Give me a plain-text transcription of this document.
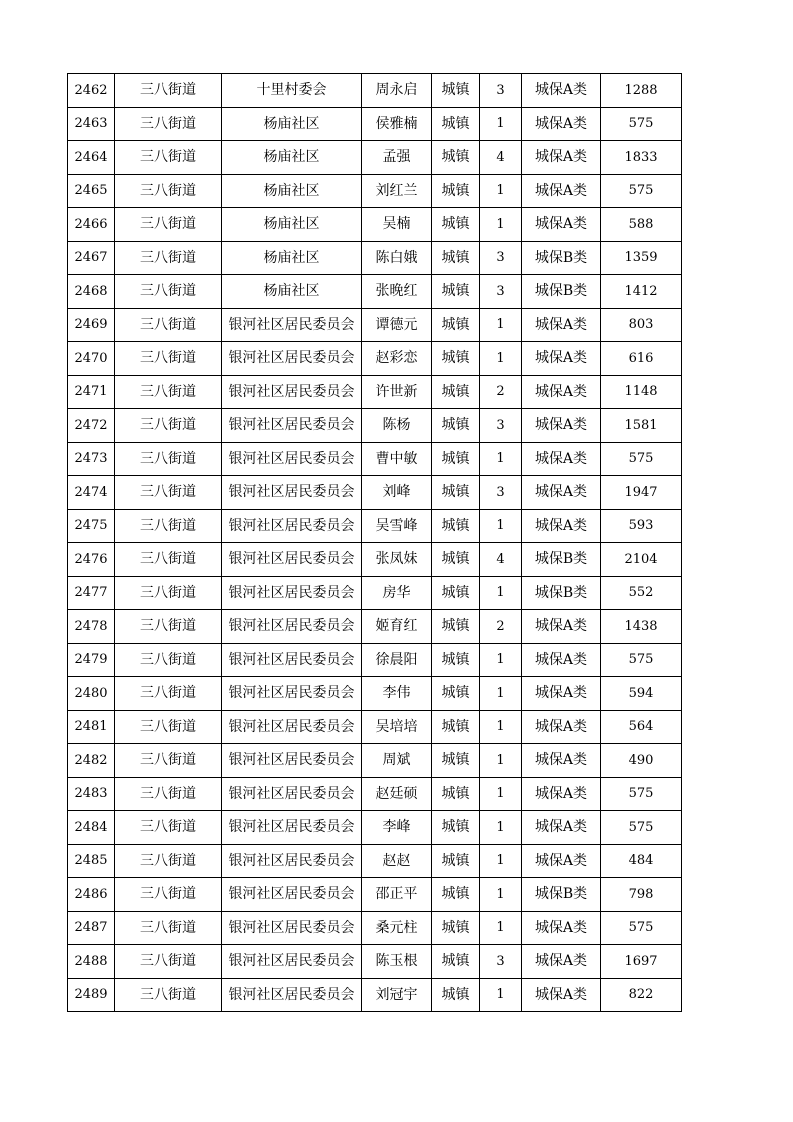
2462	三八街道	十里村委会	周永启	城镇	3	城保A类	1288
2463	三八街道	杨庙社区	侯雅楠	城镇	1	城保A类	575
2464	三八街道	杨庙社区	孟强	城镇	4	城保A类	1833
2465	三八街道	杨庙社区	刘红兰	城镇	1	城保A类	575
2466	三八街道	杨庙社区	吴楠	城镇	1	城保A类	588
2467	三八街道	杨庙社区	陈白娥	城镇	3	城保B类	1359
2468	三八街道	杨庙社区	张晚红	城镇	3	城保B类	1412
2469	三八街道	银河社区居民委员会	谭德元	城镇	1	城保A类	803
2470	三八街道	银河社区居民委员会	赵彩恋	城镇	1	城保A类	616
2471	三八街道	银河社区居民委员会	许世新	城镇	2	城保A类	1148
2472	三八街道	银河社区居民委员会	陈杨	城镇	3	城保A类	1581
2473	三八街道	银河社区居民委员会	曹中敏	城镇	1	城保A类	575
2474	三八街道	银河社区居民委员会	刘峰	城镇	3	城保A类	1947
2475	三八街道	银河社区居民委员会	吴雪峰	城镇	1	城保A类	593
2476	三八街道	银河社区居民委员会	张凤妹	城镇	4	城保B类	2104
2477	三八街道	银河社区居民委员会	房华	城镇	1	城保B类	552
2478	三八街道	银河社区居民委员会	姬育红	城镇	2	城保A类	1438
2479	三八街道	银河社区居民委员会	徐晨阳	城镇	1	城保A类	575
2480	三八街道	银河社区居民委员会	李伟	城镇	1	城保A类	594
2481	三八街道	银河社区居民委员会	吴培培	城镇	1	城保A类	564
2482	三八街道	银河社区居民委员会	周斌	城镇	1	城保A类	490
2483	三八街道	银河社区居民委员会	赵廷硕	城镇	1	城保A类	575
2484	三八街道	银河社区居民委员会	李峰	城镇	1	城保A类	575
2485	三八街道	银河社区居民委员会	赵赵	城镇	1	城保A类	484
2486	三八街道	银河社区居民委员会	邵正平	城镇	1	城保B类	798
2487	三八街道	银河社区居民委员会	桑元柱	城镇	1	城保A类	575
2488	三八街道	银河社区居民委员会	陈玉根	城镇	3	城保A类	1697
2489	三八街道	银河社区居民委员会	刘冠宇	城镇	1	城保A类	822
